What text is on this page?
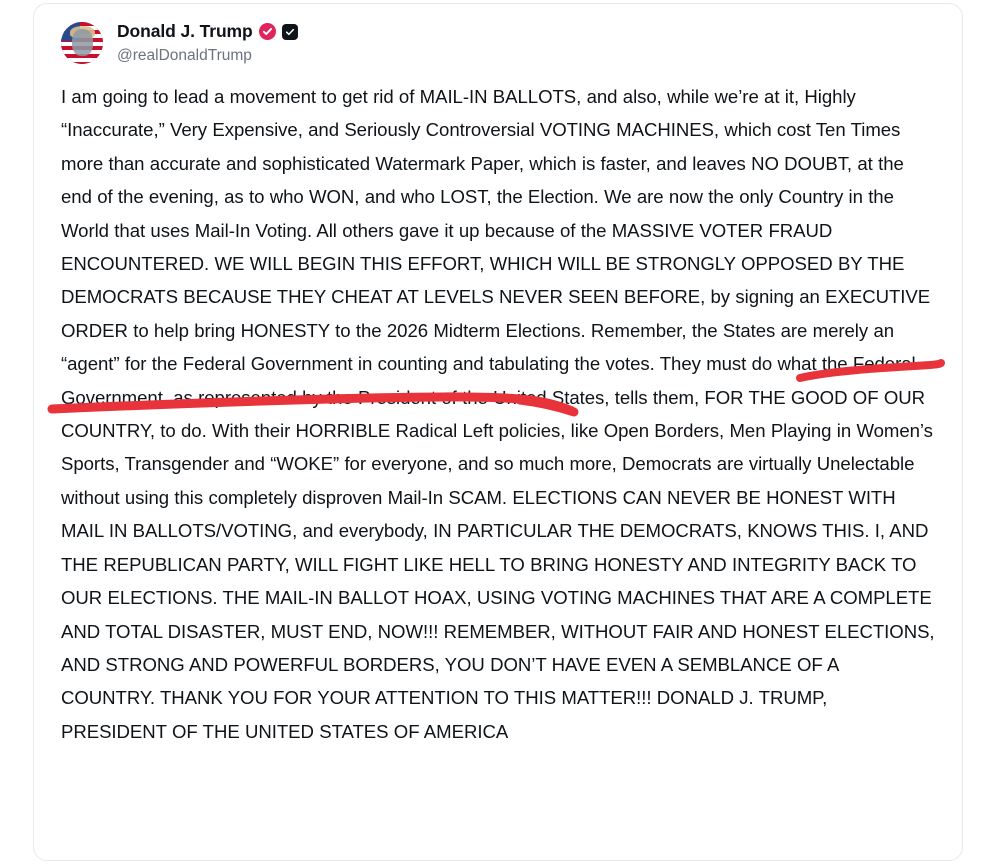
Donald J. Trump
@realDonaldTrump
I am going to lead a movement to get rid of MAIL-IN BALLOTS, and also, while we’re at it, Highly “Inaccurate,” Very Expensive, and Seriously Controversial VOTING MACHINES, which cost Ten Times more than accurate and sophisticated Watermark Paper, which is faster, and leaves NO DOUBT, at the end of the evening, as to who WON, and who LOST, the Election. We are now the only Country in the World that uses Mail-In Voting. All others gave it up because of the MASSIVE VOTER FRAUD ENCOUNTERED. WE WILL BEGIN THIS EFFORT, WHICH WILL BE STRONGLY OPPOSED BY THE DEMOCRATS BECAUSE THEY CHEAT AT LEVELS NEVER SEEN BEFORE, by signing an EXECUTIVE ORDER to help bring HONESTY to the 2026 Midterm Elections. Remember, the States are merely an “agent” for the Federal Government in counting and tabulating the votes. They must do what the Federal Government, as represented by the President of the United States, tells them, FOR THE GOOD OF OUR COUNTRY, to do. With their HORRIBLE Radical Left policies, like Open Borders, Men Playing in Women’s Sports, Transgender and “WOKE” for everyone, and so much more, Democrats are virtually Unelectable without using this completely disproven Mail-In SCAM. ELECTIONS CAN NEVER BE HONEST WITH MAIL IN BALLOTS/VOTING, and everybody, IN PARTICULAR THE DEMOCRATS, KNOWS THIS. I, AND THE REPUBLICAN PARTY, WILL FIGHT LIKE HELL TO BRING HONESTY AND INTEGRITY BACK TO OUR ELECTIONS. THE MAIL-IN BALLOT HOAX, USING VOTING MACHINES THAT ARE A COMPLETE AND TOTAL DISASTER, MUST END, NOW!!! REMEMBER, WITHOUT FAIR AND HONEST ELECTIONS, AND STRONG AND POWERFUL BORDERS, YOU DON’T HAVE EVEN A SEMBLANCE OF A COUNTRY. THANK YOU FOR YOUR ATTENTION TO THIS MATTER!!! DONALD J. TRUMP, PRESIDENT OF THE UNITED STATES OF AMERICA
